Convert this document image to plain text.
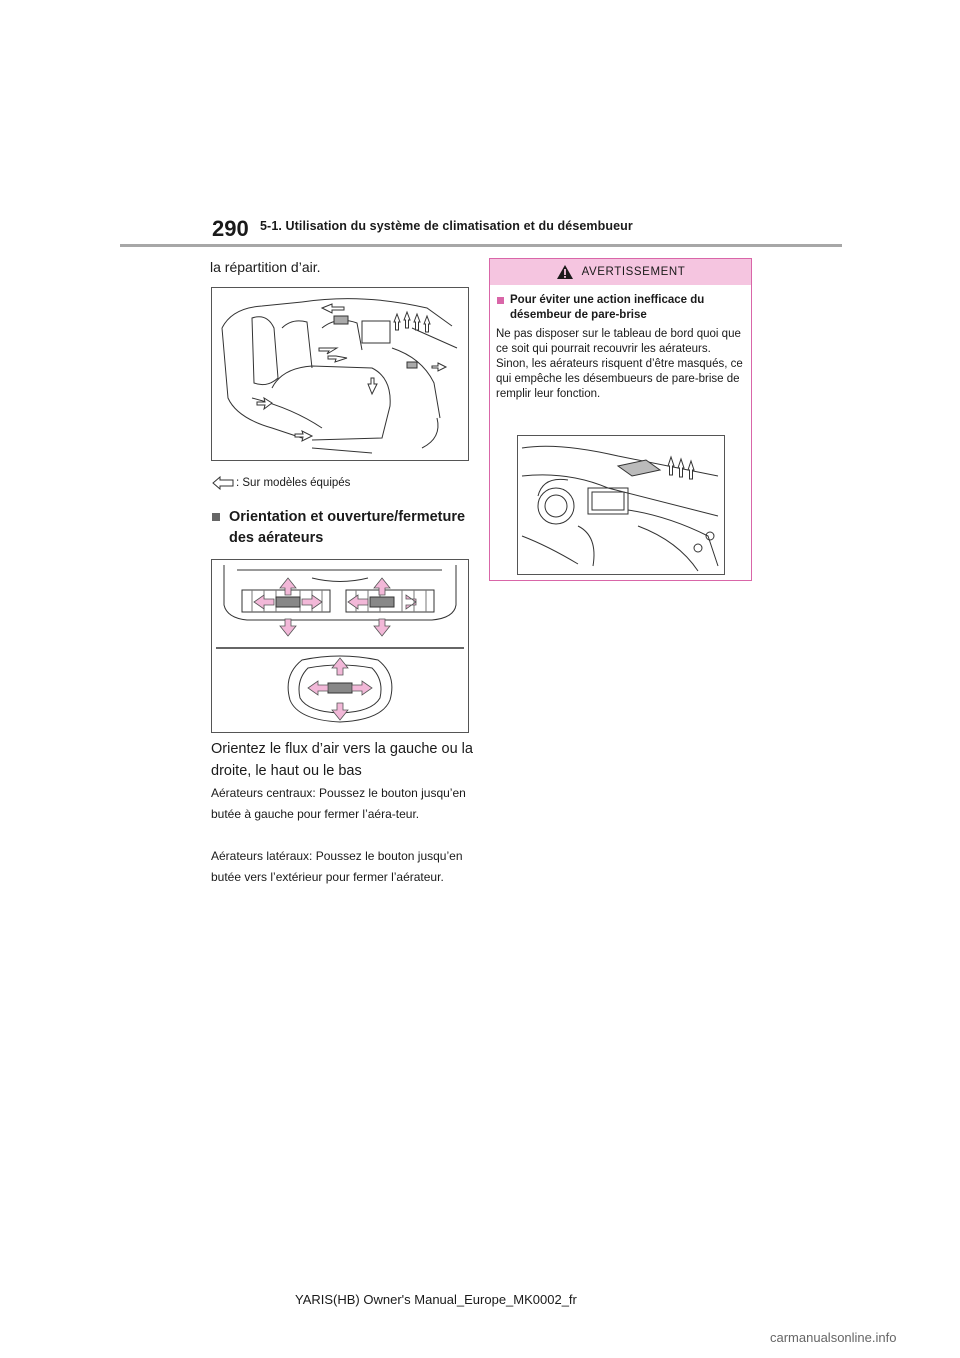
290 5-1. Utilisation du système de climatisation et du désembueur
la répartition d’air.
: Sur modèles équipés
Orientation et ouverture/fermeture des aérateurs
Orientez le flux d’air vers la gauche ou la droite, le haut ou le bas
Aérateurs centraux: Poussez le bouton jusqu’en butée à gauche pour fermer l’aéra-teur.
Aérateurs latéraux: Poussez le bouton jusqu’en butée vers l’extérieur pour fermer l’aérateur.
AVERTISSEMENT
Pour éviter une action inefficace du désembeur de pare-brise
Ne pas disposer sur le tableau de bord quoi que ce soit qui pourrait recouvrir les aérateurs. Sinon, les aérateurs risquent d’être masqués, ce qui empêche les désembueurs de pare-brise de remplir leur fonction.
YARIS(HB) Owner's Manual_Europe_MK0002_fr
carmanualsonline.info
